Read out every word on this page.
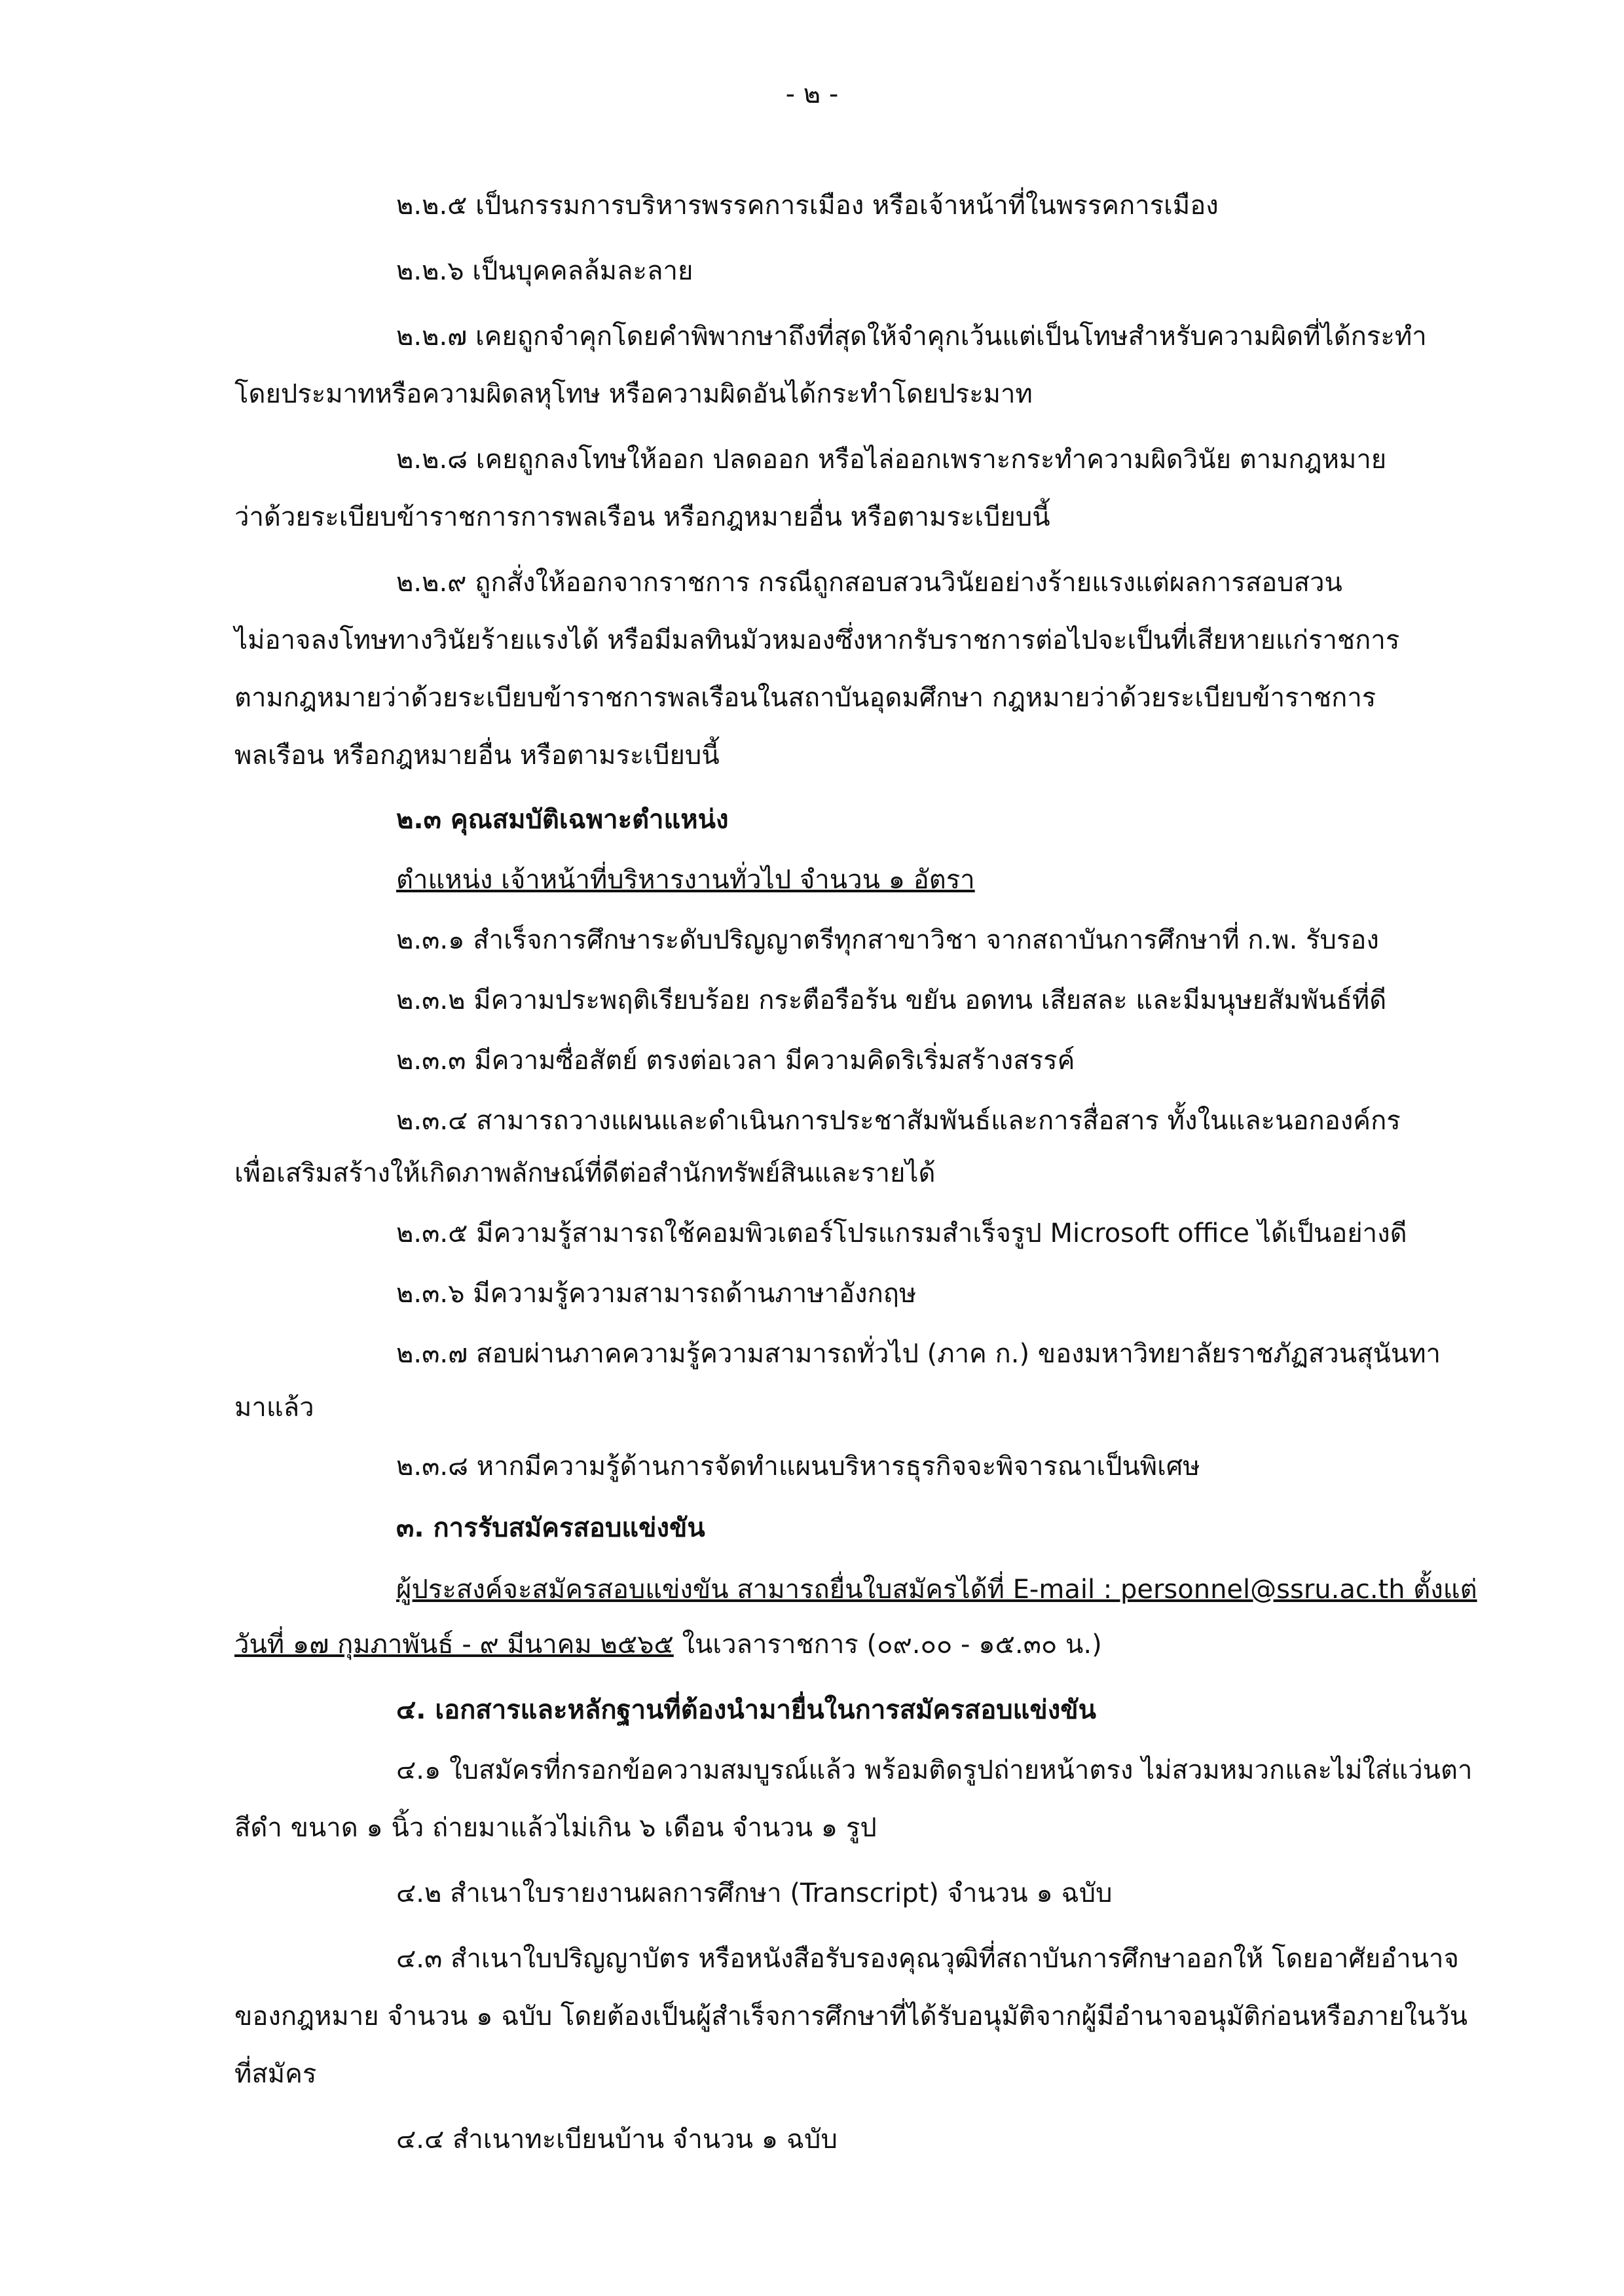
- ๒ -
๒.๒.๕ เป็นกรรมการบริหารพรรคการเมือง หรือเจ้าหน้าที่ในพรรคการเมือง
๒.๒.๖ เป็นบุคคลล้มละลาย
๒.๒.๗ เคยถูกจำคุกโดยคำพิพากษาถึงที่สุดให้จำคุกเว้นแต่เป็นโทษสำหรับความผิดที่ได้กระทำ
โดยประมาทหรือความผิดลหุโทษ หรือความผิดอันได้กระทำโดยประมาท
๒.๒.๘ เคยถูกลงโทษให้ออก ปลดออก หรือไล่ออกเพราะกระทำความผิดวินัย ตามกฎหมาย
ว่าด้วยระเบียบข้าราชการการพลเรือน หรือกฎหมายอื่น หรือตามระเบียบนี้
๒.๒.๙ ถูกสั่งให้ออกจากราชการ กรณีถูกสอบสวนวินัยอย่างร้ายแรงแต่ผลการสอบสวน
ไม่อาจลงโทษทางวินัยร้ายแรงได้ หรือมีมลทินมัวหมองซึ่งหากรับราชการต่อไปจะเป็นที่เสียหายแก่ราชการ
ตามกฎหมายว่าด้วยระเบียบข้าราชการพลเรือนในสถาบันอุดมศึกษา กฎหมายว่าด้วยระเบียบข้าราชการ
พลเรือน หรือกฎหมายอื่น หรือตามระเบียบนี้
๒.๓ คุณสมบัติเฉพาะตำแหน่ง
ตำแหน่ง เจ้าหน้าที่บริหารงานทั่วไป จำนวน ๑ อัตรา
๒.๓.๑ สำเร็จการศึกษาระดับปริญญาตรีทุกสาขาวิชา จากสถาบันการศึกษาที่ ก.พ. รับรอง
๒.๓.๒ มีความประพฤติเรียบร้อย กระตือรือร้น ขยัน อดทน เสียสละ และมีมนุษยสัมพันธ์ที่ดี
๒.๓.๓ มีความซื่อสัตย์ ตรงต่อเวลา มีความคิดริเริ่มสร้างสรรค์
๒.๓.๔ สามารถวางแผนและดำเนินการประชาสัมพันธ์และการสื่อสาร ทั้งในและนอกองค์กร
เพื่อเสริมสร้างให้เกิดภาพลักษณ์ที่ดีต่อสำนักทรัพย์สินและรายได้
๒.๓.๕ มีความรู้สามารถใช้คอมพิวเตอร์โปรแกรมสำเร็จรูป Microsoft office ได้เป็นอย่างดี
๒.๓.๖ มีความรู้ความสามารถด้านภาษาอังกฤษ
๒.๓.๗ สอบผ่านภาคความรู้ความสามารถทั่วไป (ภาค ก.) ของมหาวิทยาลัยราชภัฏสวนสุนันทา
มาแล้ว
๒.๓.๘ หากมีความรู้ด้านการจัดทำแผนบริหารธุรกิจจะพิจารณาเป็นพิเศษ
๓. การรับสมัครสอบแข่งขัน
ผู้ประสงค์จะสมัครสอบแข่งขัน สามารถยื่นใบสมัครได้ที่ E-mail : personnel@ssru.ac.th ตั้งแต่
วันที่ ๑๗ กุมภาพันธ์ - ๙ มีนาคม ๒๕๖๕ ในเวลาราชการ (๐๙.๐๐ - ๑๕.๓๐ น.)
๔. เอกสารและหลักฐานที่ต้องนำมายื่นในการสมัครสอบแข่งขัน
๔.๑ ใบสมัครที่กรอกข้อความสมบูรณ์แล้ว พร้อมติดรูปถ่ายหน้าตรง ไม่สวมหมวกและไม่ใส่แว่นตา
สีดำ ขนาด ๑ นิ้ว ถ่ายมาแล้วไม่เกิน ๖ เดือน จำนวน ๑ รูป
๔.๒ สำเนาใบรายงานผลการศึกษา (Transcript) จำนวน ๑ ฉบับ
๔.๓ สำเนาใบปริญญาบัตร หรือหนังสือรับรองคุณวุฒิที่สถาบันการศึกษาออกให้ โดยอาศัยอำนาจ
ของกฎหมาย จำนวน ๑ ฉบับ โดยต้องเป็นผู้สำเร็จการศึกษาที่ได้รับอนุมัติจากผู้มีอำนาจอนุมัติก่อนหรือภายในวัน
ที่สมัคร
๔.๔ สำเนาทะเบียนบ้าน จำนวน ๑ ฉบับ
